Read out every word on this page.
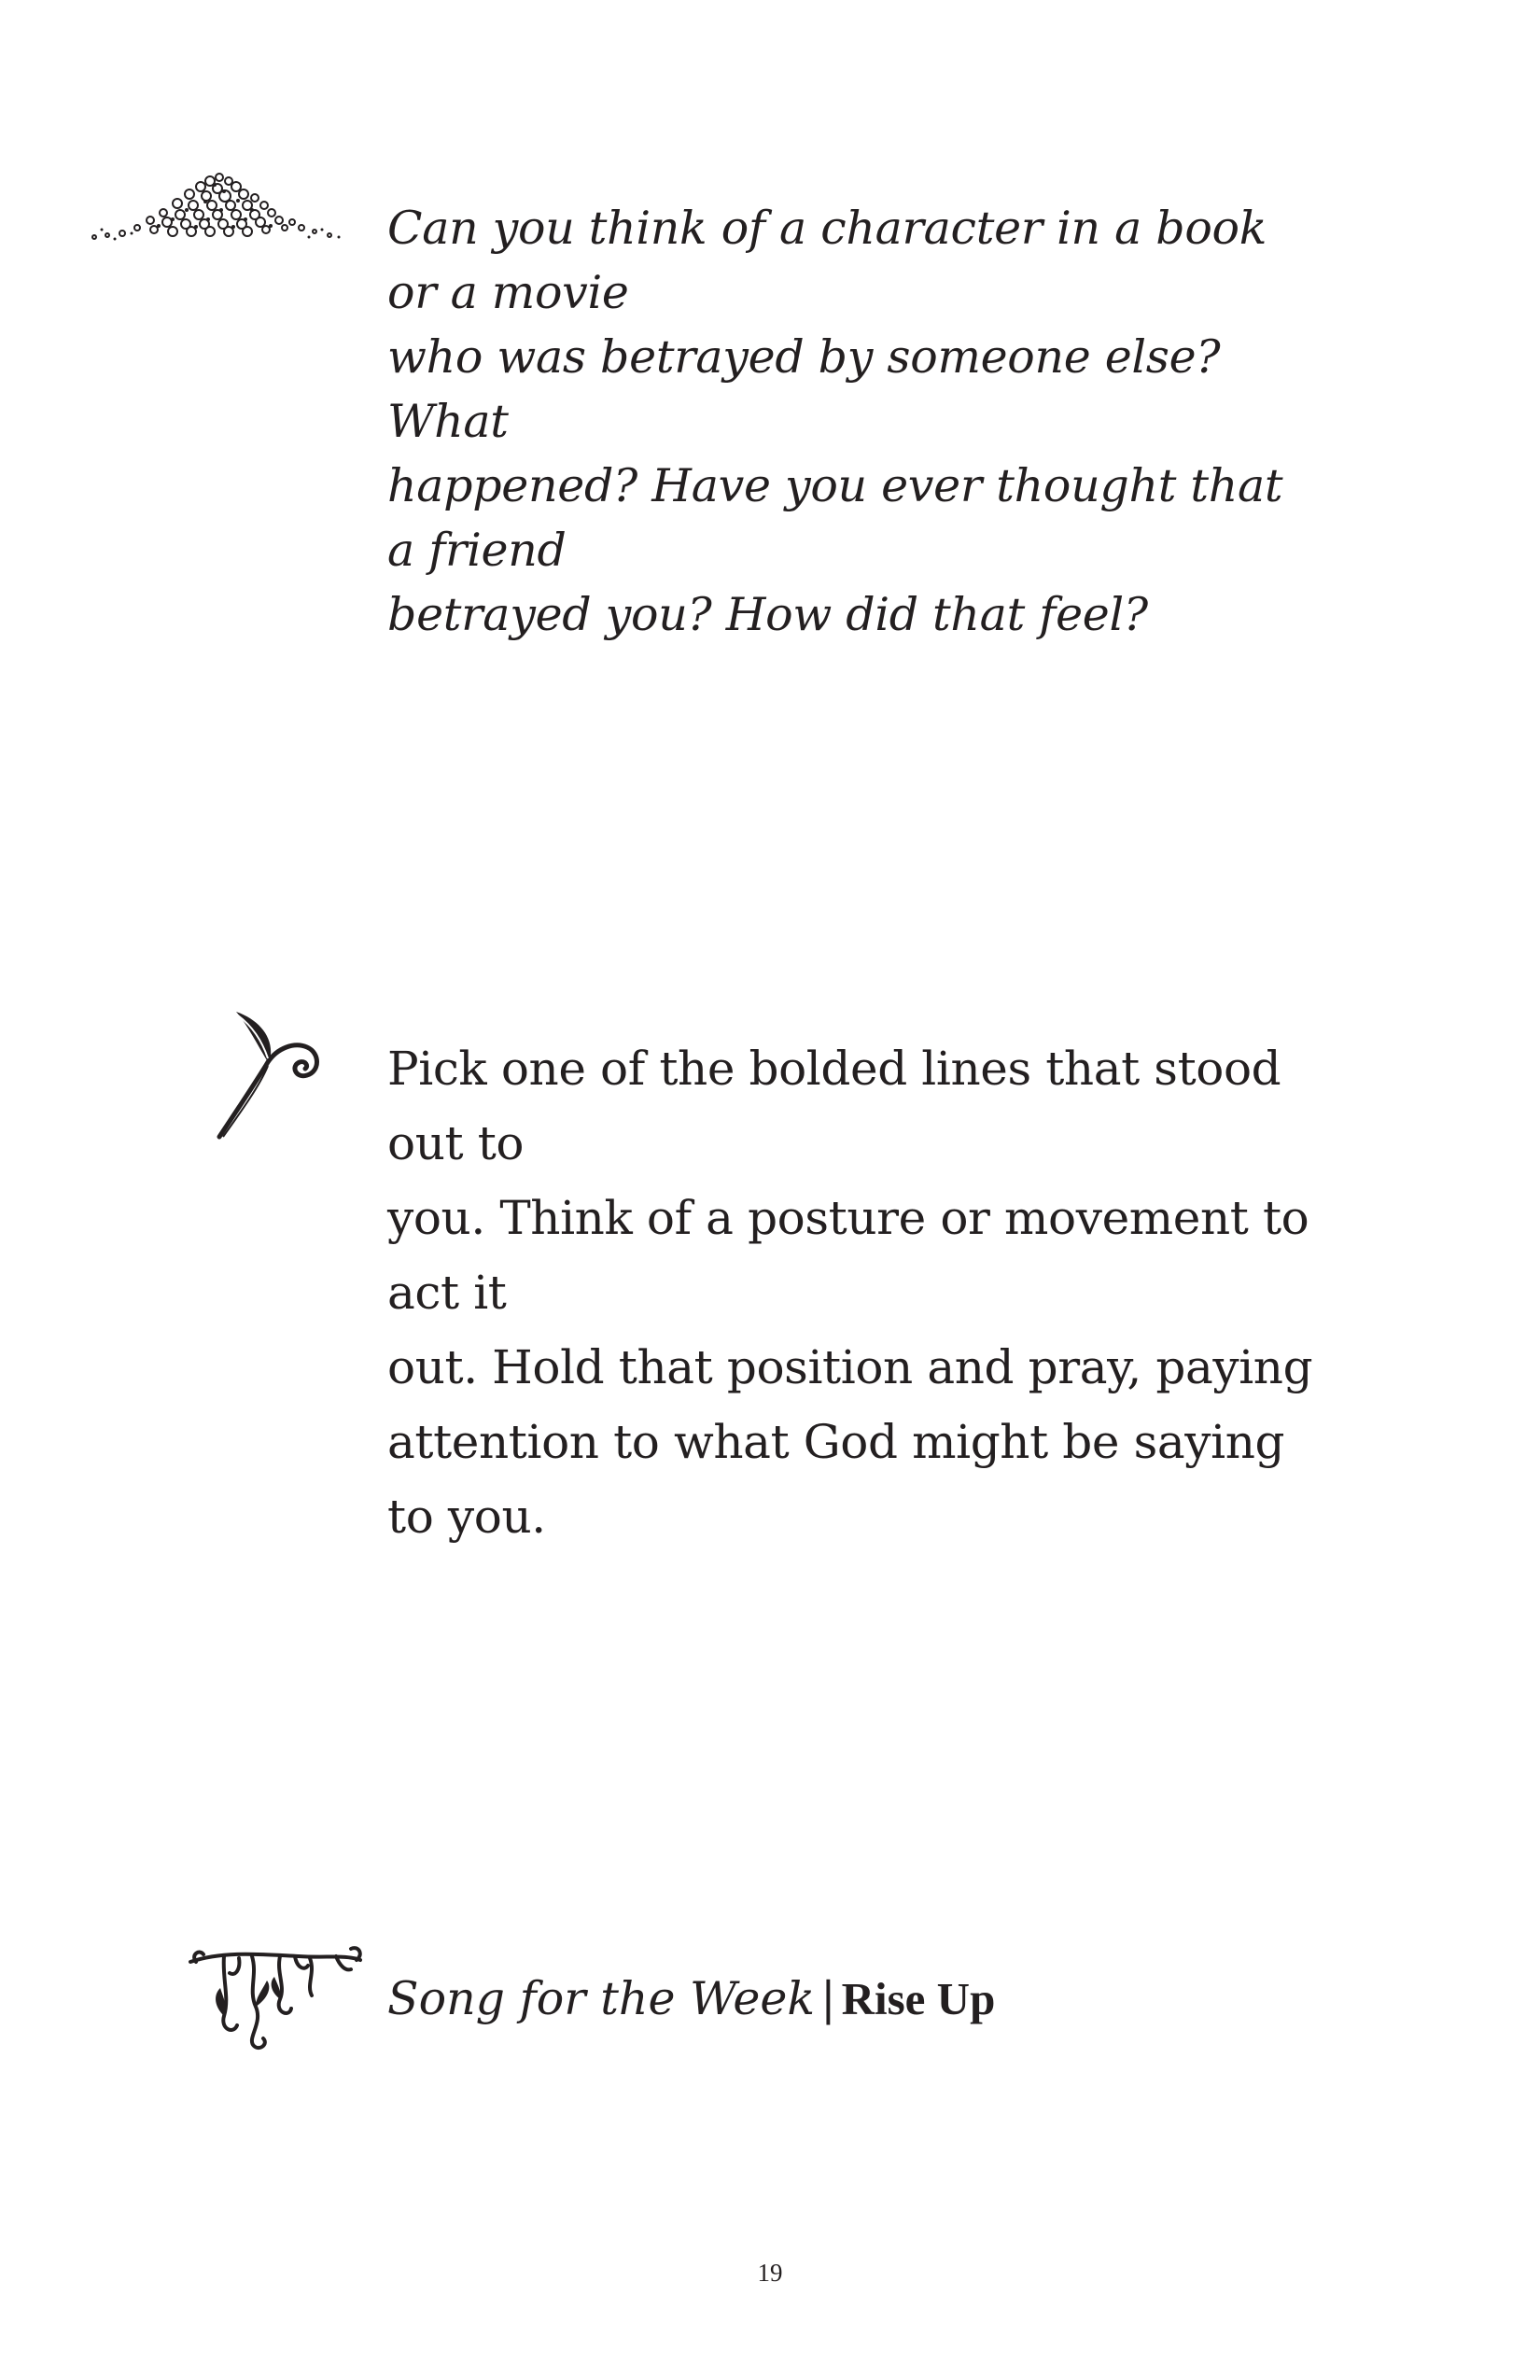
Can you think of a character in a book or a movie
who was betrayed by someone else? What
happened? Have you ever thought that a friend
betrayed you? How did that feel?
Pick one of the bolded lines that stood out to
you. Think of a posture or movement to act it
out. Hold that position and pray, paying
attention to what God might be saying to you.
Song for the Week | Rise Up
19
